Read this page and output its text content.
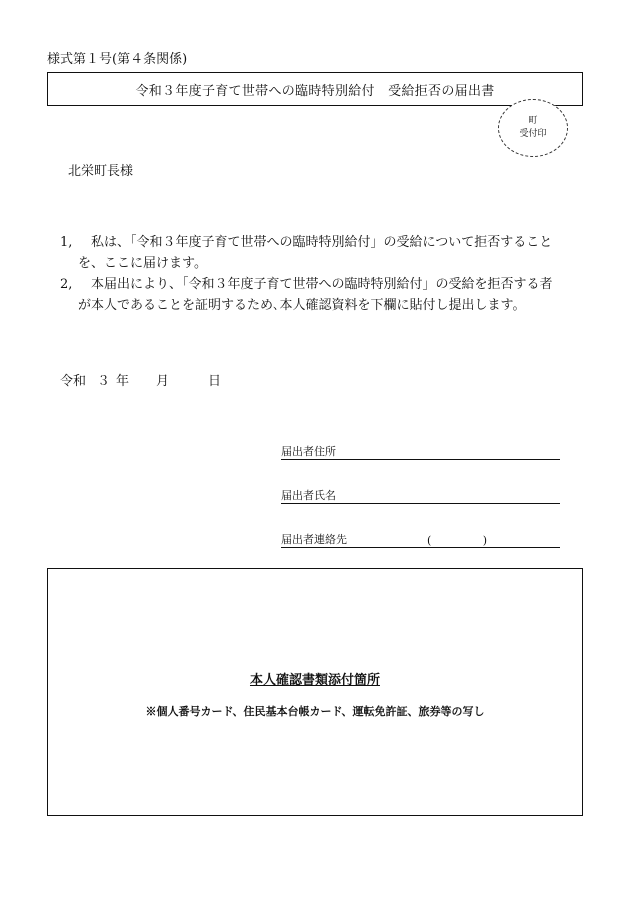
様式第１号(第４条関係)
令和３年度子育て世帯への臨時特別給付　受給拒否の届出書
町
受付印
北栄町長様
1,	私は、「令和３年度子育て世帯への臨時特別給付」の受給について拒否することを、ここに届けます。
2,	本届出により、「令和３年度子育て世帯への臨時特別給付」の受給を拒否する者が本人であることを証明するため､本人確認資料を下欄に貼付し提出します。
令和 ３ 年 月	日
届出者住所
届出者氏名
届出者連絡先	(	)
本人確認書類添付箇所
※個人番号カード、住民基本台帳カード、運転免許証、旅券等の写し
